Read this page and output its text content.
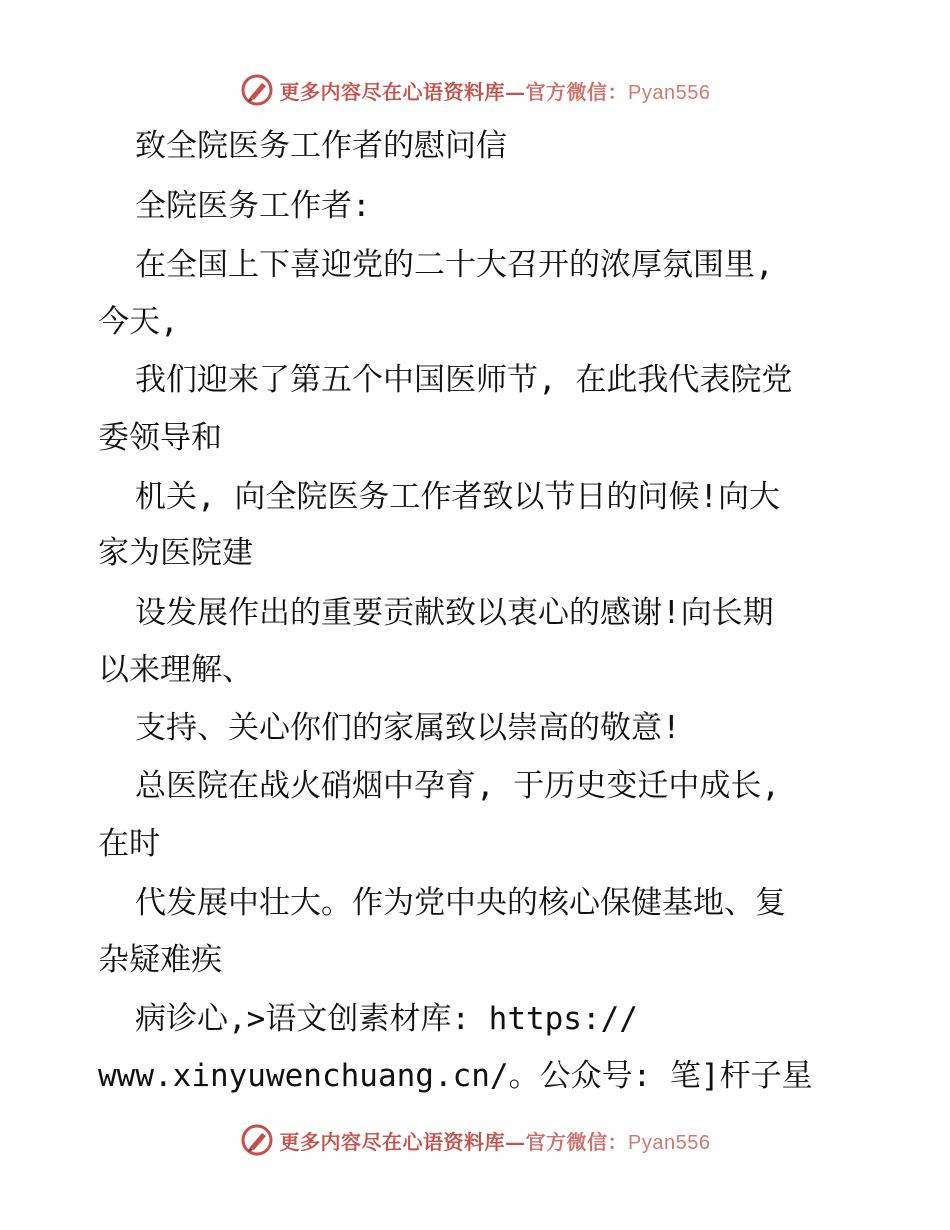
更多内容尽在心语资料库—官方微信：Pyan556
致全院医务工作者的慰问信
全院医务工作者:
在全国上下喜迎党的二十大召开的浓厚氛围里,
今天,
我们迎来了第五个中国医师节, 在此我代表院党
委领导和
机关, 向全院医务工作者致以节日的问候!向大
家为医院建
设发展作出的重要贡献致以衷心的感谢!向长期
以来理解、
支持、关心你们的家属致以崇高的敬意!
总医院在战火硝烟中孕育, 于历史变迁中成长,
在时
代发展中壮大。作为党中央的核心保健基地、复
杂疑难疾
病诊心,>语文创素材库: https://
www.xinyuwenchuang.cn/。公众号: 笔]杆子星
更多内容尽在心语资料库—官方微信：Pyan556
